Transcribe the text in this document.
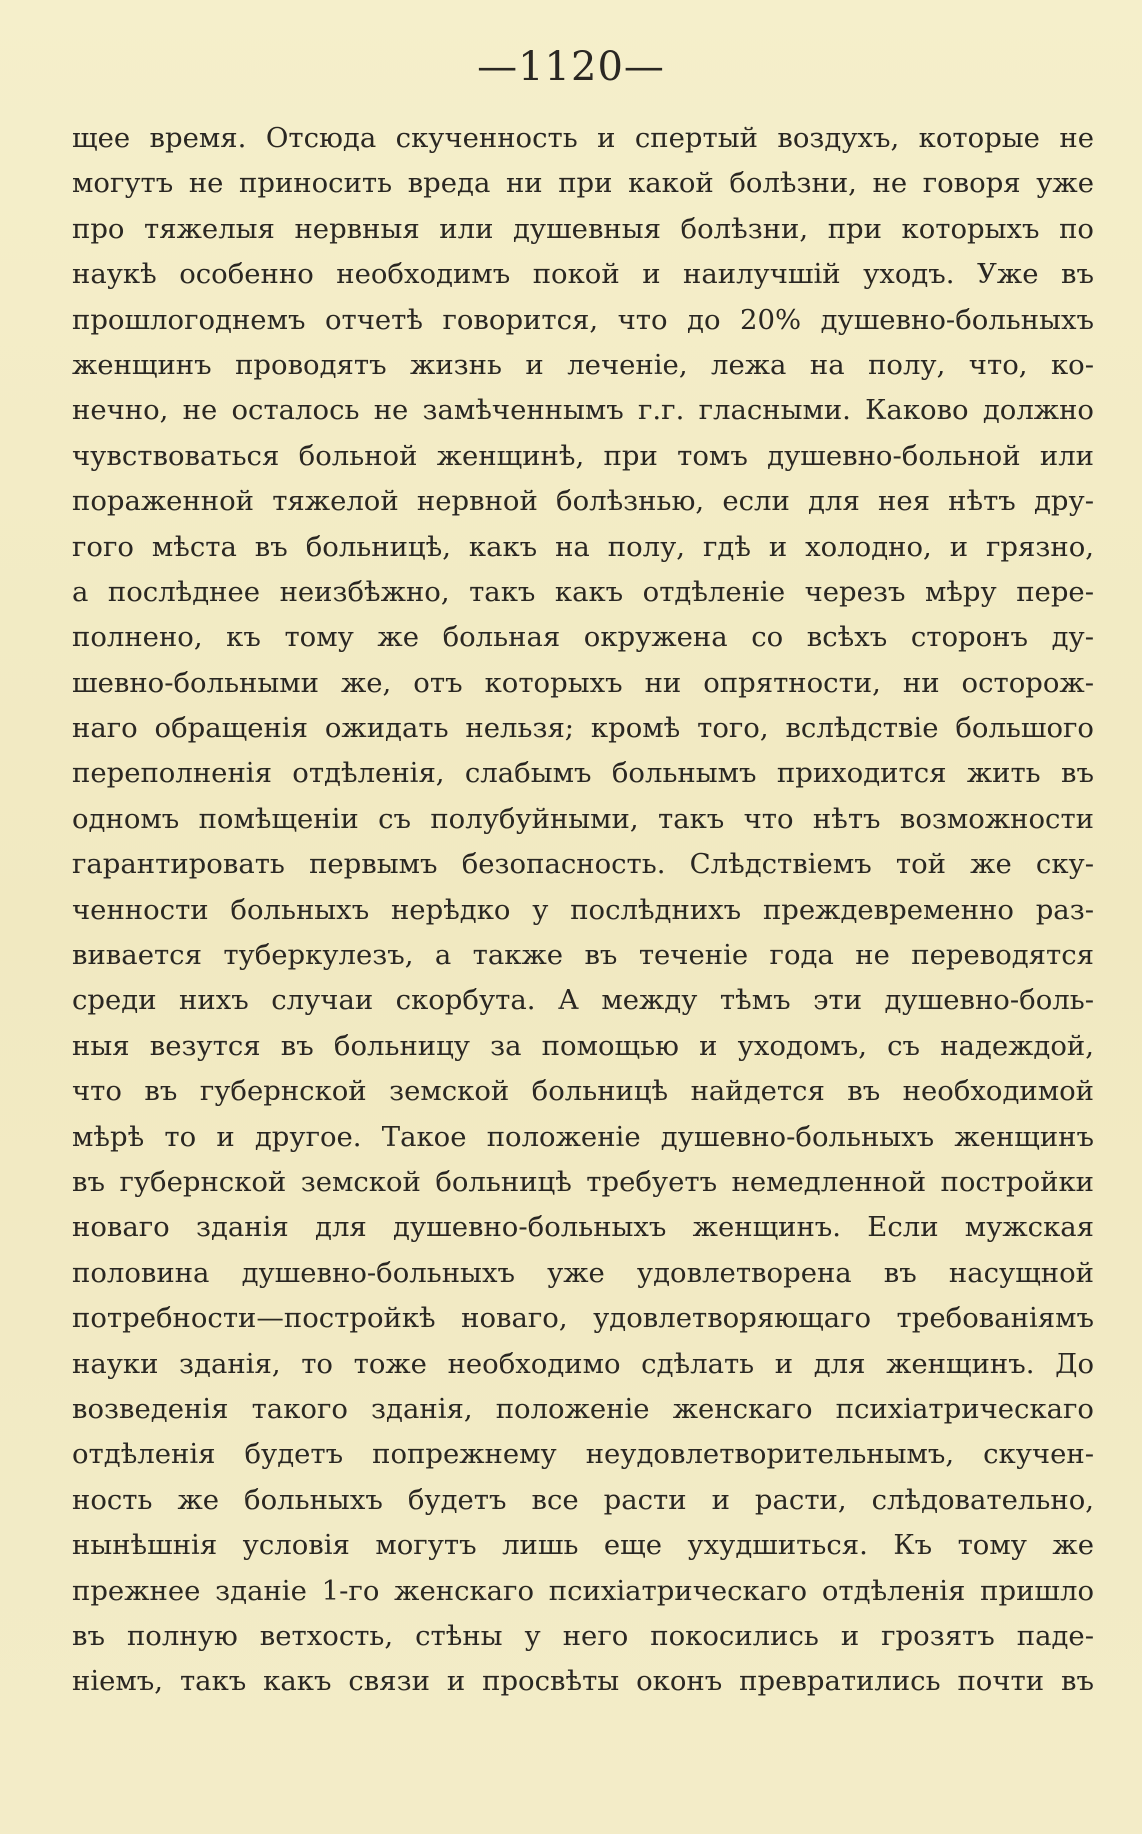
—1120—
щее время. Отсюда скученность и спертый воздухъ, которые не
могутъ не приносить вреда ни при какой болѣзни, не говоря уже
про тяжелыя нервныя или душевныя болѣзни, при которыхъ по
наукѣ особенно необходимъ покой и наилучшій уходъ. Уже въ
прошлогоднемъ отчетѣ говорится, что до 20% душевно-больныхъ
женщинъ проводятъ жизнь и леченіе, лежа на полу, что, ко-
нечно, не осталось не замѣченнымъ г.г. гласными. Каково должно
чувствоваться больной женщинѣ, при томъ душевно-больной или
пораженной тяжелой нервной болѣзнью, если для нея нѣтъ дру-
гого мѣста въ больницѣ, какъ на полу, гдѣ и холодно, и грязно,
а послѣднее неизбѣжно, такъ какъ отдѣленіе черезъ мѣру пере-
полнено, къ тому же больная окружена со всѣхъ сторонъ ду-
шевно-больными же, отъ которыхъ ни опрятности, ни осторож-
наго обращенія ожидать нельзя; кромѣ того, вслѣдствіе большого
переполненія отдѣленія, слабымъ больнымъ приходится жить въ
одномъ помѣщеніи съ полубуйными, такъ что нѣтъ возможности
гарантировать первымъ безопасность. Слѣдствіемъ той же ску-
ченности больныхъ нерѣдко у послѣднихъ преждевременно раз-
вивается туберкулезъ, а также въ теченіе года не переводятся
среди нихъ случаи скорбута. А между тѣмъ эти душевно-боль-
ныя везутся въ больницу за помощью и уходомъ, съ надеждой,
что въ губернской земской больницѣ найдется въ необходимой
мѣрѣ то и другое. Такое положеніе душевно-больныхъ женщинъ
въ губернской земской больницѣ требуетъ немедленной постройки
новаго зданія для душевно-больныхъ женщинъ. Если мужская
половина душевно-больныхъ уже удовлетворена въ насущной
потребности—постройкѣ новаго, удовлетворяющаго требованіямъ
науки зданія, то тоже необходимо сдѣлать и для женщинъ. До
возведенія такого зданія, положеніе женскаго психіатрическаго
отдѣленія будетъ попрежнему неудовлетворительнымъ, скучен-
ность же больныхъ будетъ все расти и расти, слѣдовательно,
нынѣшнія условія могутъ лишь еще ухудшиться. Къ тому же
прежнее зданіе 1-го женскаго психіатрическаго отдѣленія пришло
въ полную ветхость, стѣны у него покосились и грозятъ паде-
ніемъ, такъ какъ связи и просвѣты оконъ превратились почти въ
